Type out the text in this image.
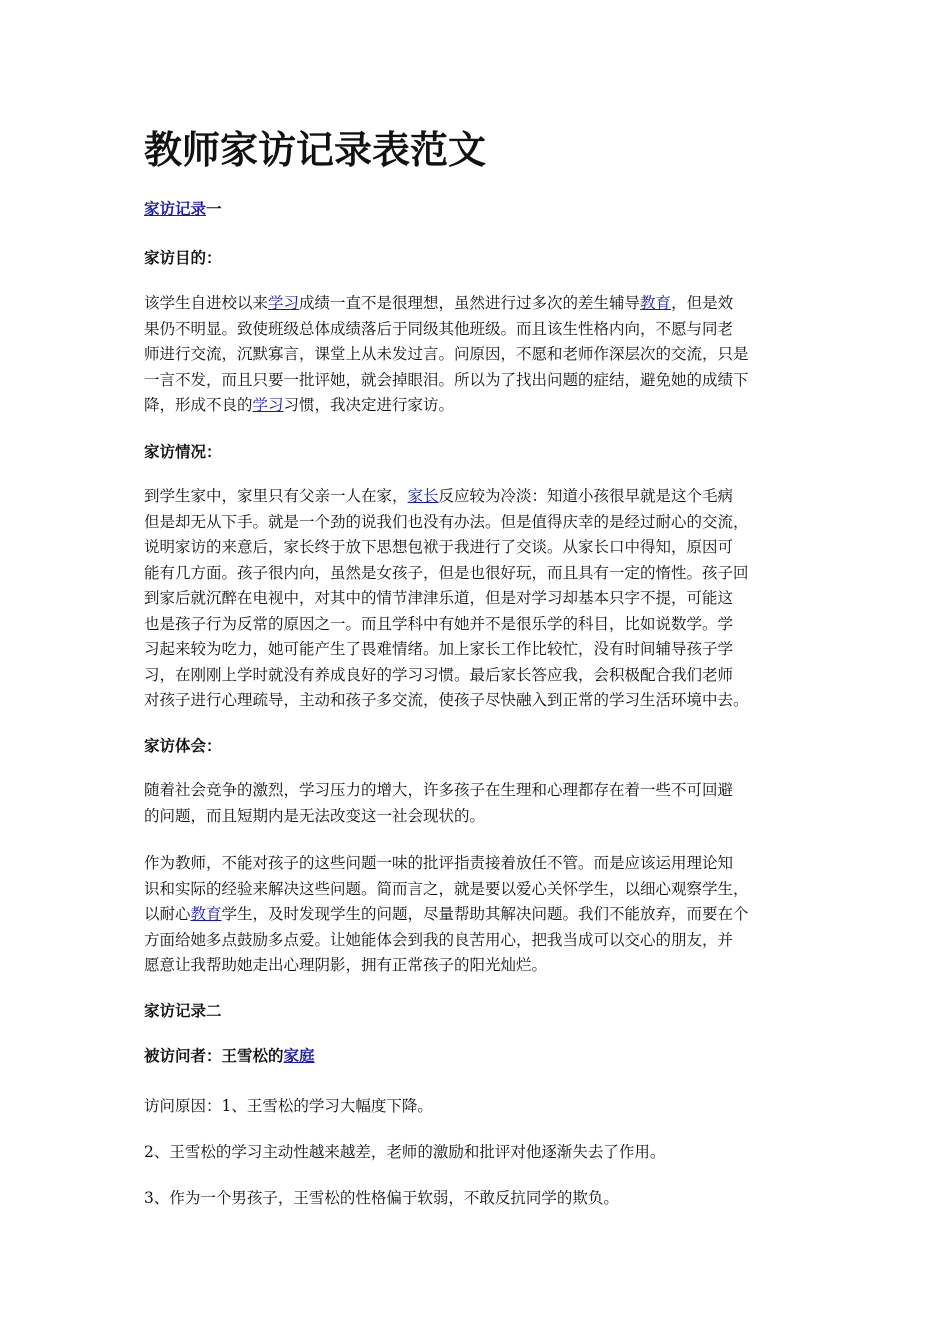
教师家访记录表范文
家访记录一
家访目的：
该学生自进校以来学习成绩一直不是很理想，虽然进行过多次的差生辅导教育，但是效
果仍不明显。致使班级总体成绩落后于同级其他班级。而且该生性格内向，不愿与同老
师进行交流，沉默寡言，课堂上从未发过言。问原因，不愿和老师作深层次的交流，只是
一言不发，而且只要一批评她，就会掉眼泪。所以为了找出问题的症结，避免她的成绩下
降，形成不良的学习习惯，我决定进行家访。
家访情况：
到学生家中，家里只有父亲一人在家，家长反应较为冷淡：知道小孩很早就是这个毛病
但是却无从下手。就是一个劲的说我们也没有办法。但是值得庆幸的是经过耐心的交流，
说明家访的来意后，家长终于放下思想包袱于我进行了交谈。从家长口中得知，原因可
能有几方面。孩子很内向，虽然是女孩子，但是也很好玩，而且具有一定的惰性。孩子回
到家后就沉醉在电视中，对其中的情节津津乐道，但是对学习却基本只字不提，可能这
也是孩子行为反常的原因之一。而且学科中有她并不是很乐学的科目，比如说数学。学
习起来较为吃力，她可能产生了畏难情绪。加上家长工作比较忙，没有时间辅导孩子学
习，在刚刚上学时就没有养成良好的学习习惯。最后家长答应我，会积极配合我们老师
对孩子进行心理疏导，主动和孩子多交流，使孩子尽快融入到正常的学习生活环境中去。
家访体会：
随着社会竞争的激烈，学习压力的增大，许多孩子在生理和心理都存在着一些不可回避
的问题，而且短期内是无法改变这一社会现状的。
作为教师，不能对孩子的这些问题一味的批评指责接着放任不管。而是应该运用理论知
识和实际的经验来解决这些问题。简而言之，就是要以爱心关怀学生，以细心观察学生，
以耐心教育学生，及时发现学生的问题，尽量帮助其解决问题。我们不能放弃，而要在个
方面给她多点鼓励多点爱。让她能体会到我的良苦用心，把我当成可以交心的朋友，并
愿意让我帮助她走出心理阴影，拥有正常孩子的阳光灿烂。
家访记录二
被访问者：王雪松的家庭
访问原因：1、王雪松的学习大幅度下降。
2、王雪松的学习主动性越来越差，老师的激励和批评对他逐渐失去了作用。
3、作为一个男孩子，王雪松的性格偏于软弱，不敢反抗同学的欺负。
